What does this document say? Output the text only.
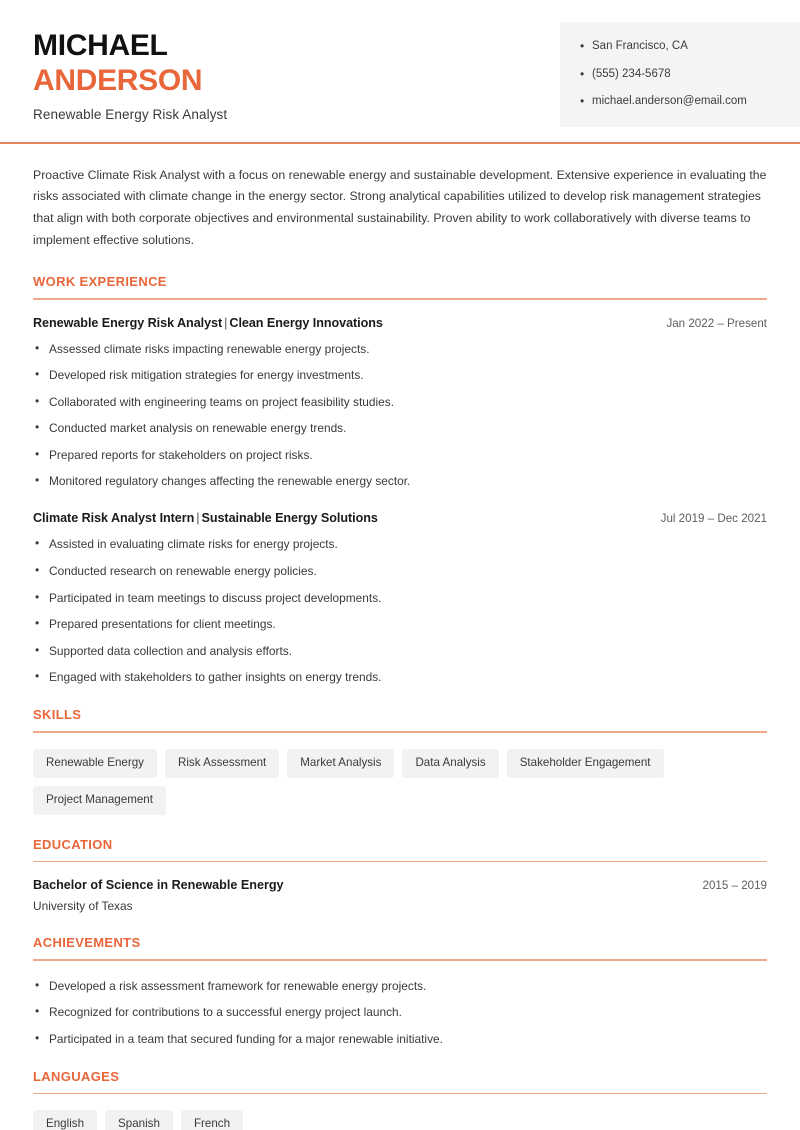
MICHAEL
ANDERSON
Renewable Energy Risk Analyst
• San Francisco, CA
• (555) 234-5678
• michael.anderson@email.com

Proactive Climate Risk Analyst with a focus on renewable energy and sustainable development. Extensive experience in evaluating the risks associated with climate change in the energy sector. Strong analytical capabilities utilized to develop risk management strategies that align with both corporate objectives and environmental sustainability. Proven ability to work collaboratively with diverse teams to implement effective solutions.

WORK EXPERIENCE
Renewable Energy Risk Analyst | Clean Energy Innovations	Jan 2022 – Present
• Assessed climate risks impacting renewable energy projects.
• Developed risk mitigation strategies for energy investments.
• Collaborated with engineering teams on project feasibility studies.
• Conducted market analysis on renewable energy trends.
• Prepared reports for stakeholders on project risks.
• Monitored regulatory changes affecting the renewable energy sector.
Climate Risk Analyst Intern | Sustainable Energy Solutions	Jul 2019 – Dec 2021
• Assisted in evaluating climate risks for energy projects.
• Conducted research on renewable energy policies.
• Participated in team meetings to discuss project developments.
• Prepared presentations for client meetings.
• Supported data collection and analysis efforts.
• Engaged with stakeholders to gather insights on energy trends.
SKILLS
Renewable Energy	Risk Assessment	Market Analysis	Data Analysis	Stakeholder Engagement
Project Management
EDUCATION
Bachelor of Science in Renewable Energy	2015 – 2019
University of Texas
ACHIEVEMENTS
• Developed a risk assessment framework for renewable energy projects.
• Recognized for contributions to a successful energy project launch.
• Participated in a team that secured funding for a major renewable initiative.
LANGUAGES
English	Spanish	French
